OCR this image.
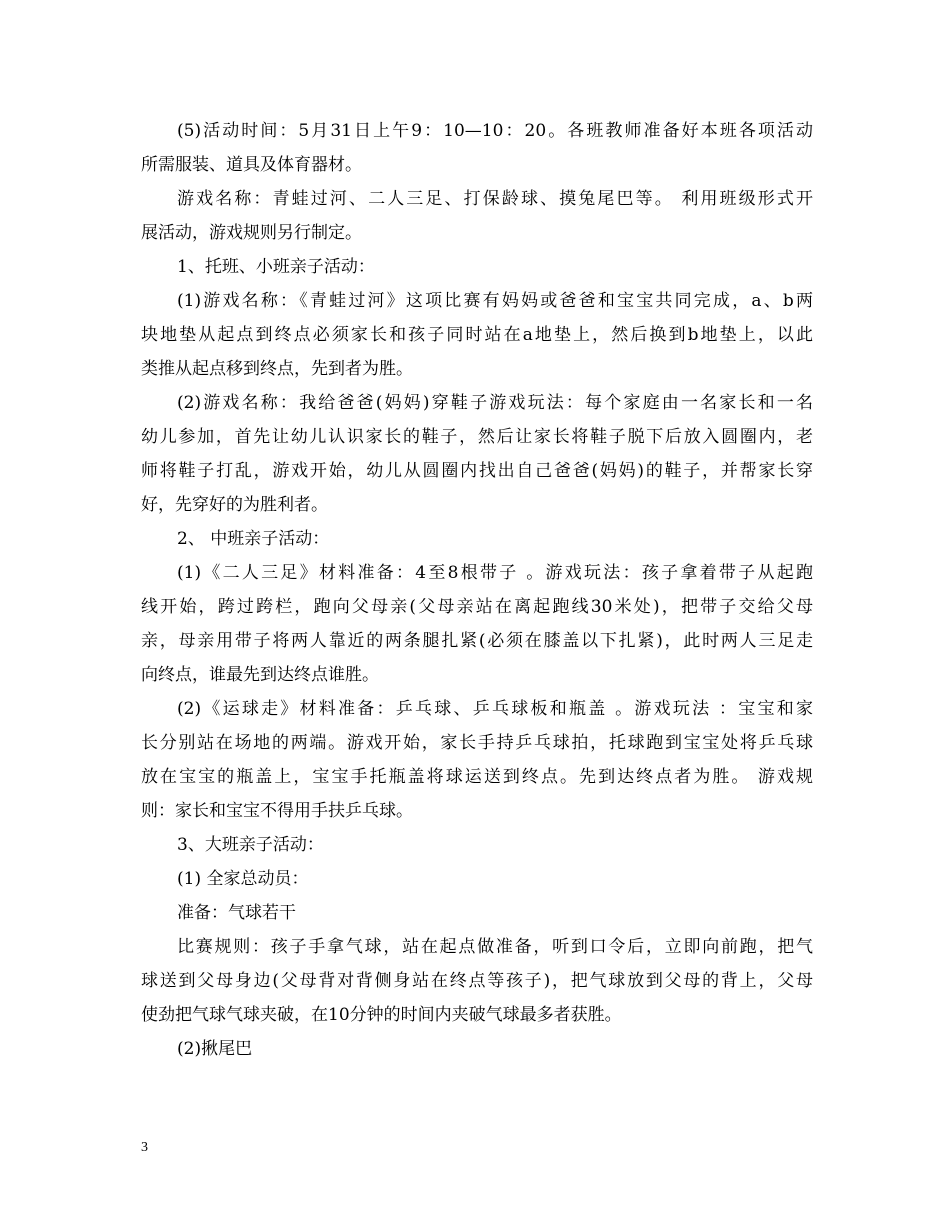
(5)活动时间：5月31日上午9：10—10：20。各班教师准备好本班各项活动
所需服装、道具及体育器材。
游戏名称：青蛙过河、二人三足、打保龄球、摸兔尾巴等。 利用班级形式开
展活动，游戏规则另行制定。
1、托班、小班亲子活动：
(1)游戏名称：《青蛙过河》这项比赛有妈妈或爸爸和宝宝共同完成，a、b两
块地垫从起点到终点必须家长和孩子同时站在a地垫上，然后换到b地垫上，以此
类推从起点移到终点，先到者为胜。
(2)游戏名称：我给爸爸(妈妈)穿鞋子游戏玩法：每个家庭由一名家长和一名
幼儿参加，首先让幼儿认识家长的鞋子，然后让家长将鞋子脱下后放入圆圈内，老
师将鞋子打乱，游戏开始，幼儿从圆圈内找出自己爸爸(妈妈)的鞋子，并帮家长穿
好，先穿好的为胜利者。
2、 中班亲子活动：
(1)《二人三足》材料准备：4至8根带子 。游戏玩法：孩子拿着带子从起跑
线开始，跨过跨栏，跑向父母亲(父母亲站在离起跑线30米处)，把带子交给父母
亲，母亲用带子将两人靠近的两条腿扎紧(必须在膝盖以下扎紧)，此时两人三足走
向终点，谁最先到达终点谁胜。
(2)《运球走》材料准备：乒乓球、乒乓球板和瓶盖 。游戏玩法 ：宝宝和家
长分别站在场地的两端。游戏开始，家长手持乒乓球拍，托球跑到宝宝处将乒乓球
放在宝宝的瓶盖上，宝宝手托瓶盖将球运送到终点。先到达终点者为胜。 游戏规
则：家长和宝宝不得用手扶乒乓球。
3、大班亲子活动：
(1) 全家总动员：
准备：气球若干
比赛规则：孩子手拿气球，站在起点做准备，听到口令后，立即向前跑，把气
球送到父母身边(父母背对背侧身站在终点等孩子)，把气球放到父母的背上，父母
使劲把气球气球夹破，在10分钟的时间内夹破气球最多者获胜。
(2)揪尾巴
3
